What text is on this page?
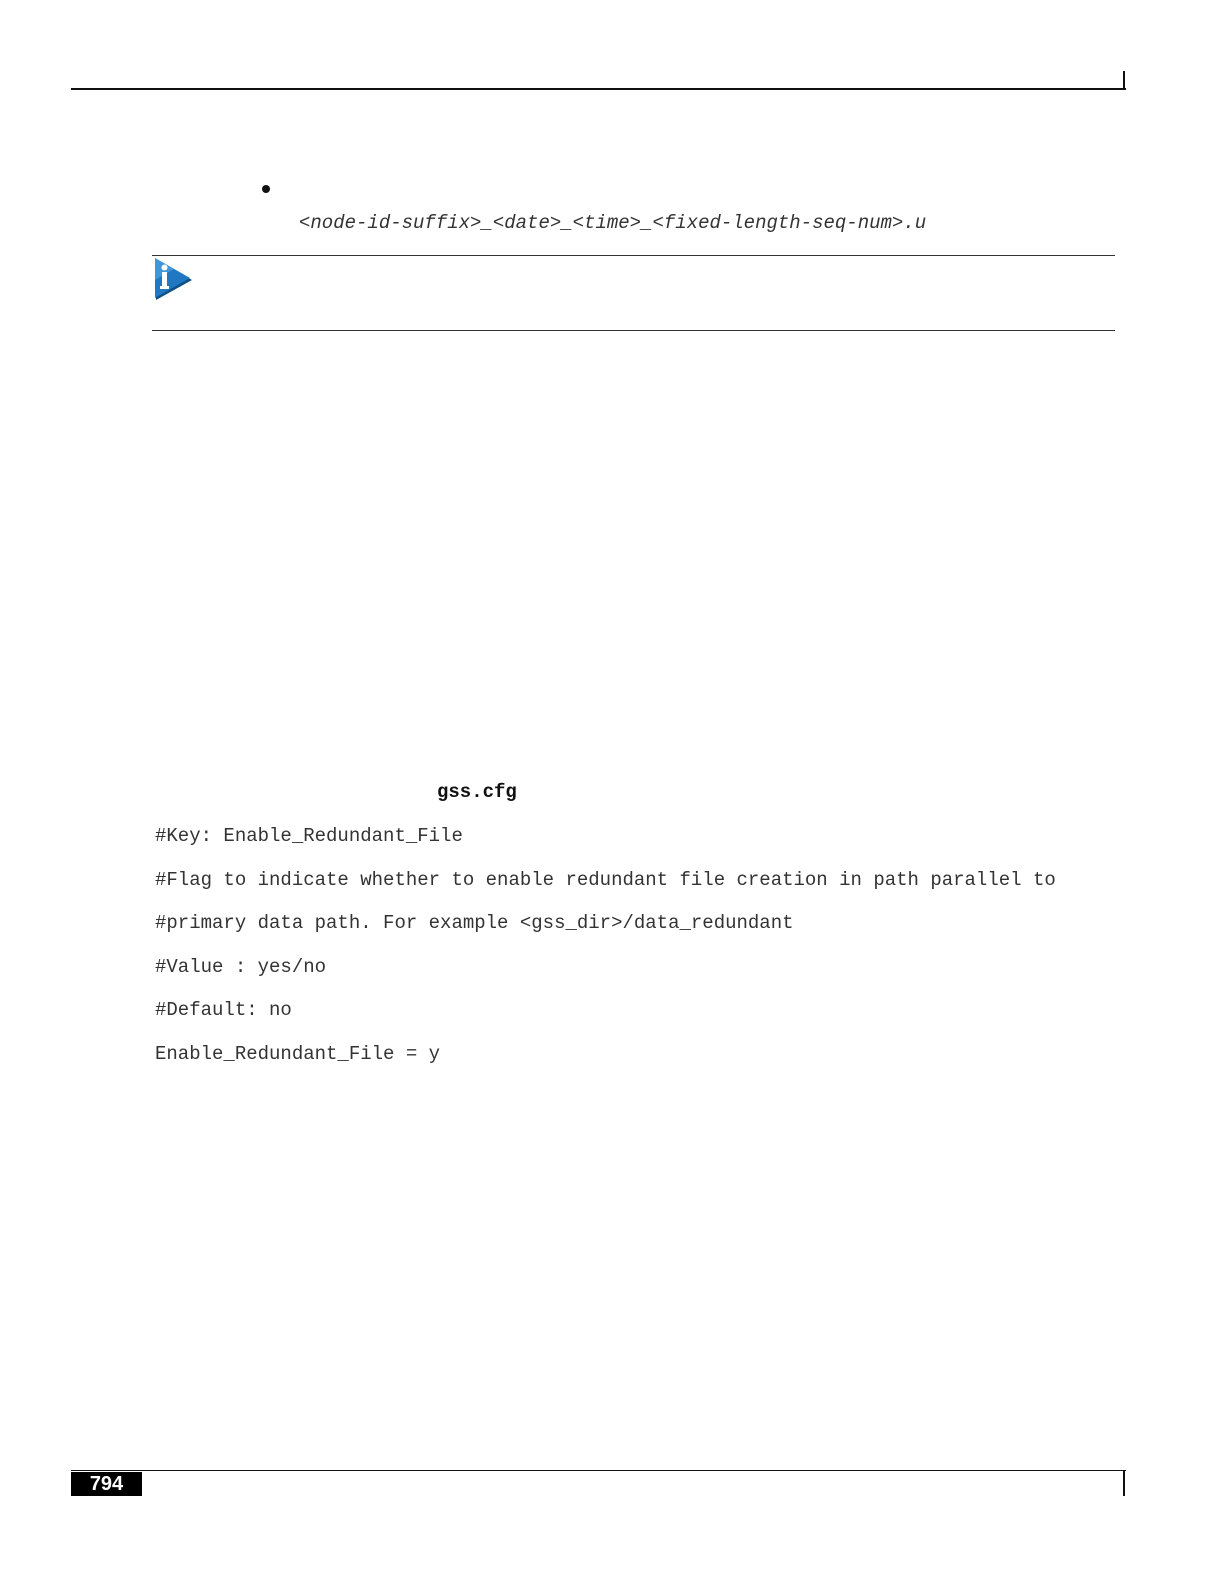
<node-id-suffix>_<date>_<time>_<fixed-length-seq-num>.u
gss.cfg
#Key: Enable_Redundant_File
#Flag to indicate whether to enable redundant file creation in path parallel to
#primary data path. For example <gss_dir>/data_redundant
#Value : yes/no
#Default: no
Enable_Redundant_File = y
794
